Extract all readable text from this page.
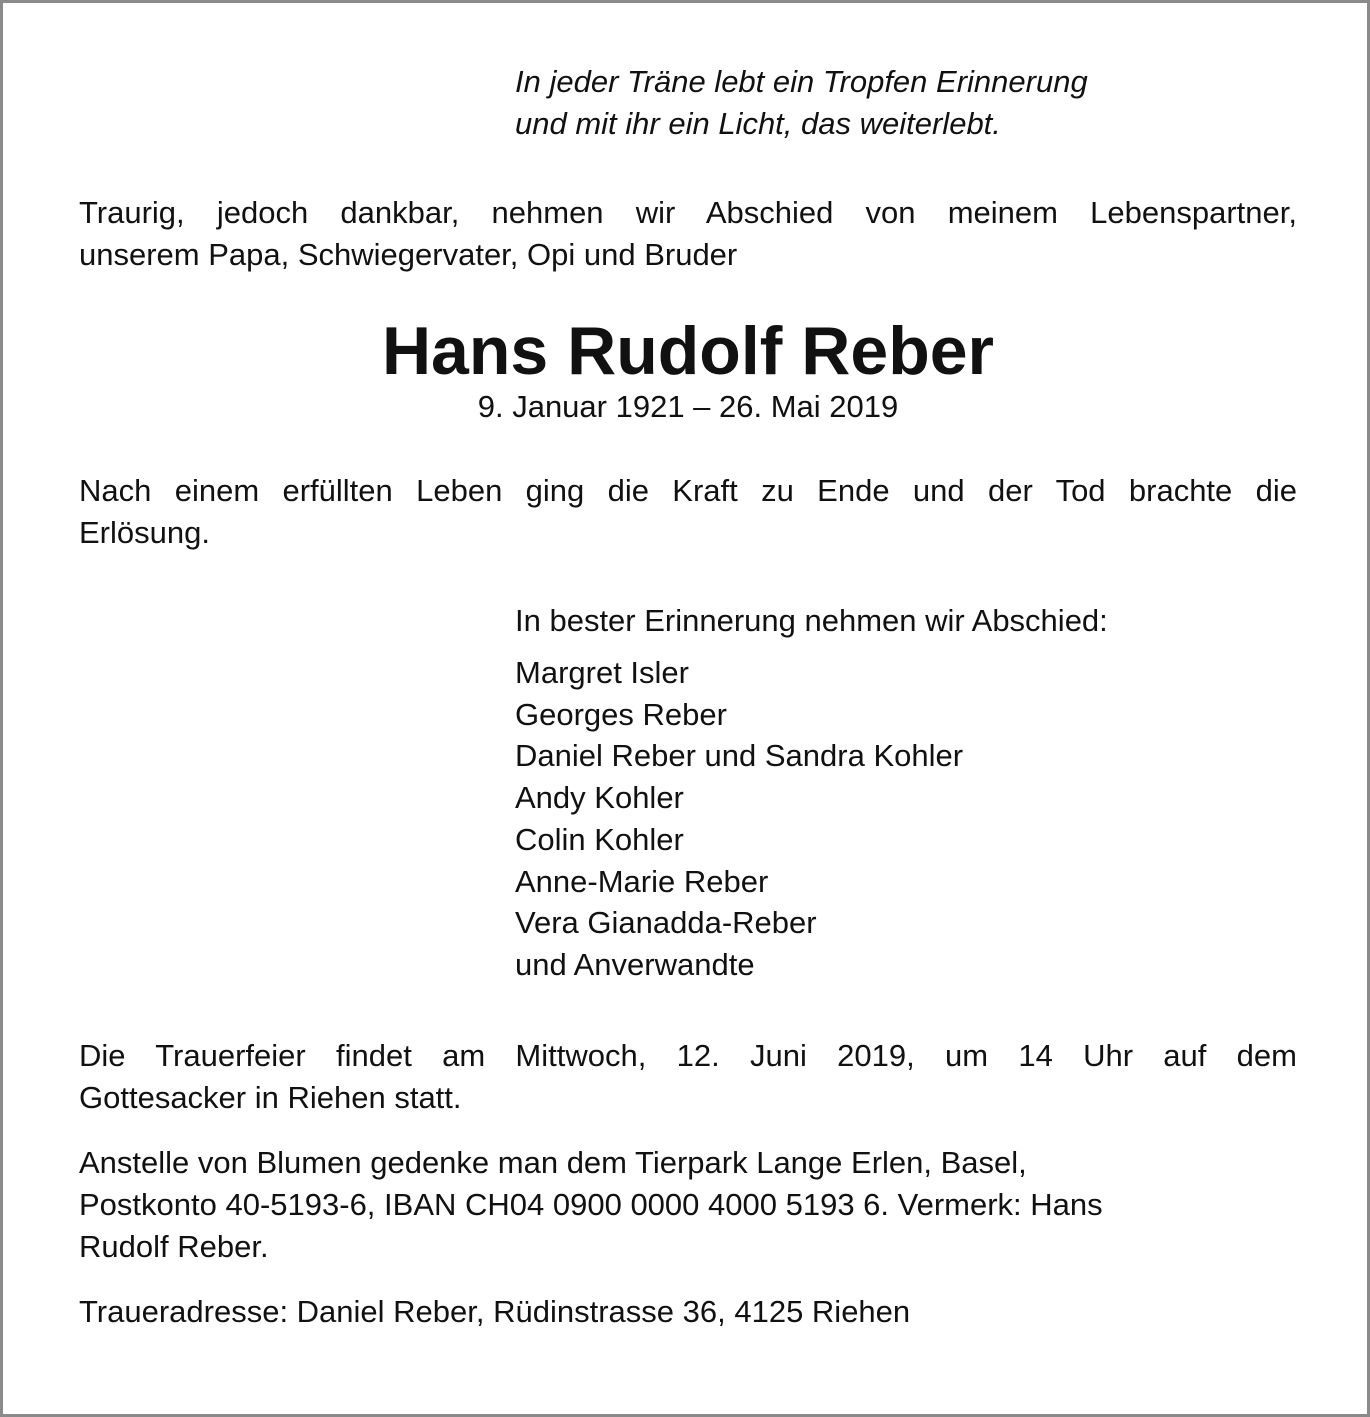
In jeder Träne lebt ein Tropfen Erinnerung
und mit ihr ein Licht, das weiterlebt.
Traurig, jedoch dankbar, nehmen wir Abschied von meinem Lebenspartner,
unserem Papa, Schwiegervater, Opi und Bruder
Hans Rudolf Reber
9. Januar 1921 – 26. Mai 2019
Nach einem erfüllten Leben ging die Kraft zu Ende und der Tod brachte die
Erlösung.
In bester Erinnerung nehmen wir Abschied:
Margret Isler
Georges Reber
Daniel Reber und Sandra Kohler
Andy Kohler
Colin Kohler
Anne-Marie Reber
Vera Gianadda-Reber
und Anverwandte
Die Trauerfeier findet am Mittwoch, 12. Juni 2019, um 14 Uhr auf dem
Gottesacker in Riehen statt.
Anstelle von Blumen gedenke man dem Tierpark Lange Erlen, Basel,
Postkonto 40-5193-6, IBAN CH04 0900 0000 4000 5193 6. Vermerk: Hans
Rudolf Reber.
Traueradresse: Daniel Reber, Rüdinstrasse 36, 4125 Riehen
